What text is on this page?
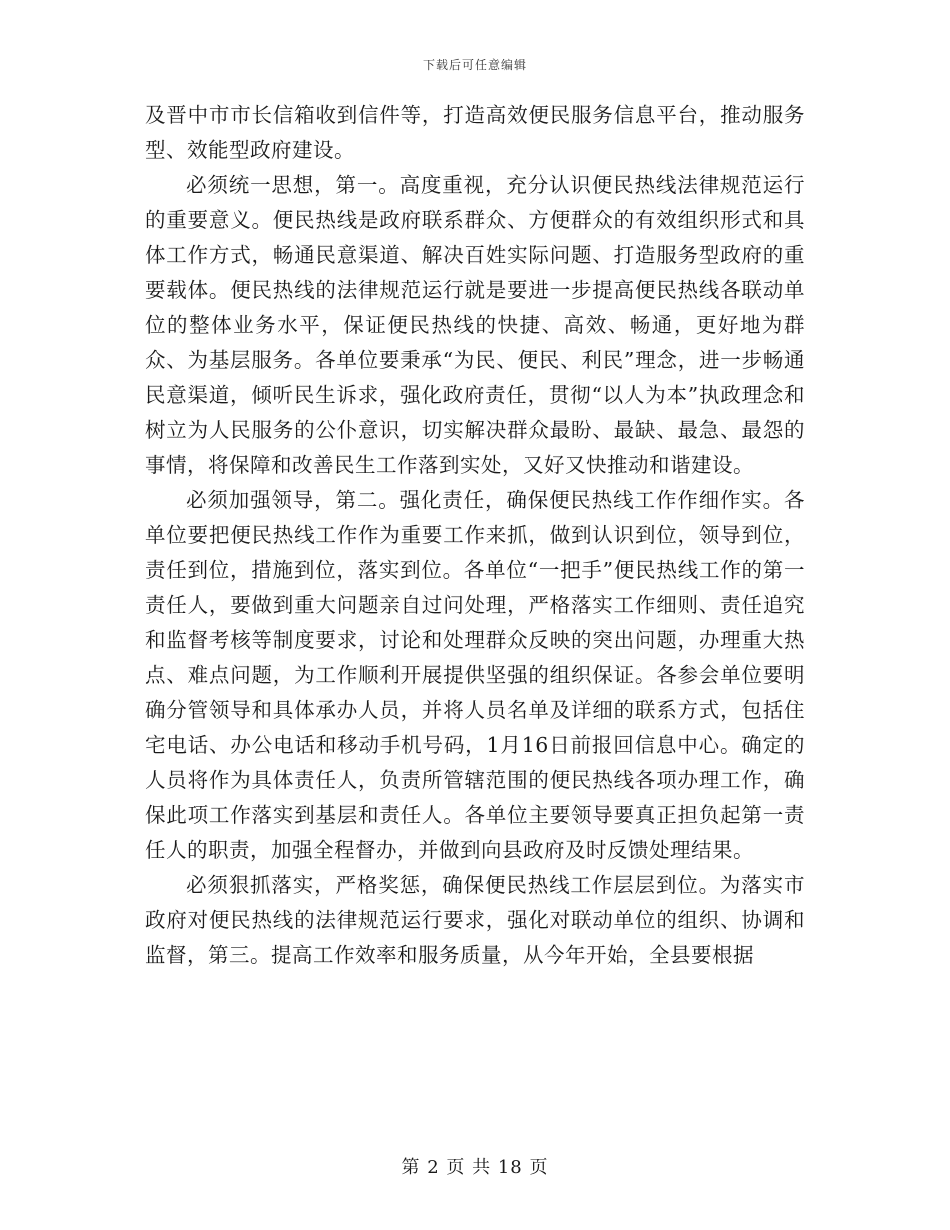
下载后可任意编辑

及晋中市市长信箱收到信件等，打造高效便民服务信息平台，推动服务型、效能型政府建设。

必须统一思想，第一。高度重视，充分认识便民热线法律规范运行的重要意义。便民热线是政府联系群众、方便群众的有效组织形式和具体工作方式，畅通民意渠道、解决百姓实际问题、打造服务型政府的重要载体。便民热线的法律规范运行就是要进一步提高便民热线各联动单位的整体业务水平，保证便民热线的快捷、高效、畅通，更好地为群众、为基层服务。各单位要秉承“为民、便民、利民”理念，进一步畅通民意渠道，倾听民生诉求，强化政府责任，贯彻“以人为本”执政理念和树立为人民服务的公仆意识，切实解决群众最盼、最缺、最急、最怨的事情，将保障和改善民生工作落到实处，又好又快推动和谐建设。

必须加强领导，第二。强化责任，确保便民热线工作作细作实。各单位要把便民热线工作作为重要工作来抓，做到认识到位，领导到位，责任到位，措施到位，落实到位。各单位“一把手”便民热线工作的第一责任人，要做到重大问题亲自过问处理，严格落实工作细则、责任追究和监督考核等制度要求，讨论和处理群众反映的突出问题，办理重大热点、难点问题，为工作顺利开展提供坚强的组织保证。各参会单位要明确分管领导和具体承办人员，并将人员名单及详细的联系方式，包括住宅电话、办公电话和移动手机号码，1月16日前报回信息中心。确定的人员将作为具体责任人，负责所管辖范围的便民热线各项办理工作，确保此项工作落实到基层和责任人。各单位主要领导要真正担负起第一责任人的职责，加强全程督办，并做到向县政府及时反馈处理结果。

必须狠抓落实，严格奖惩，确保便民热线工作层层到位。为落实市政府对便民热线的法律规范运行要求，强化对联动单位的组织、协调和监督，第三。提高工作效率和服务质量，从今年开始，全县要根据

第 2 页 共 18 页
